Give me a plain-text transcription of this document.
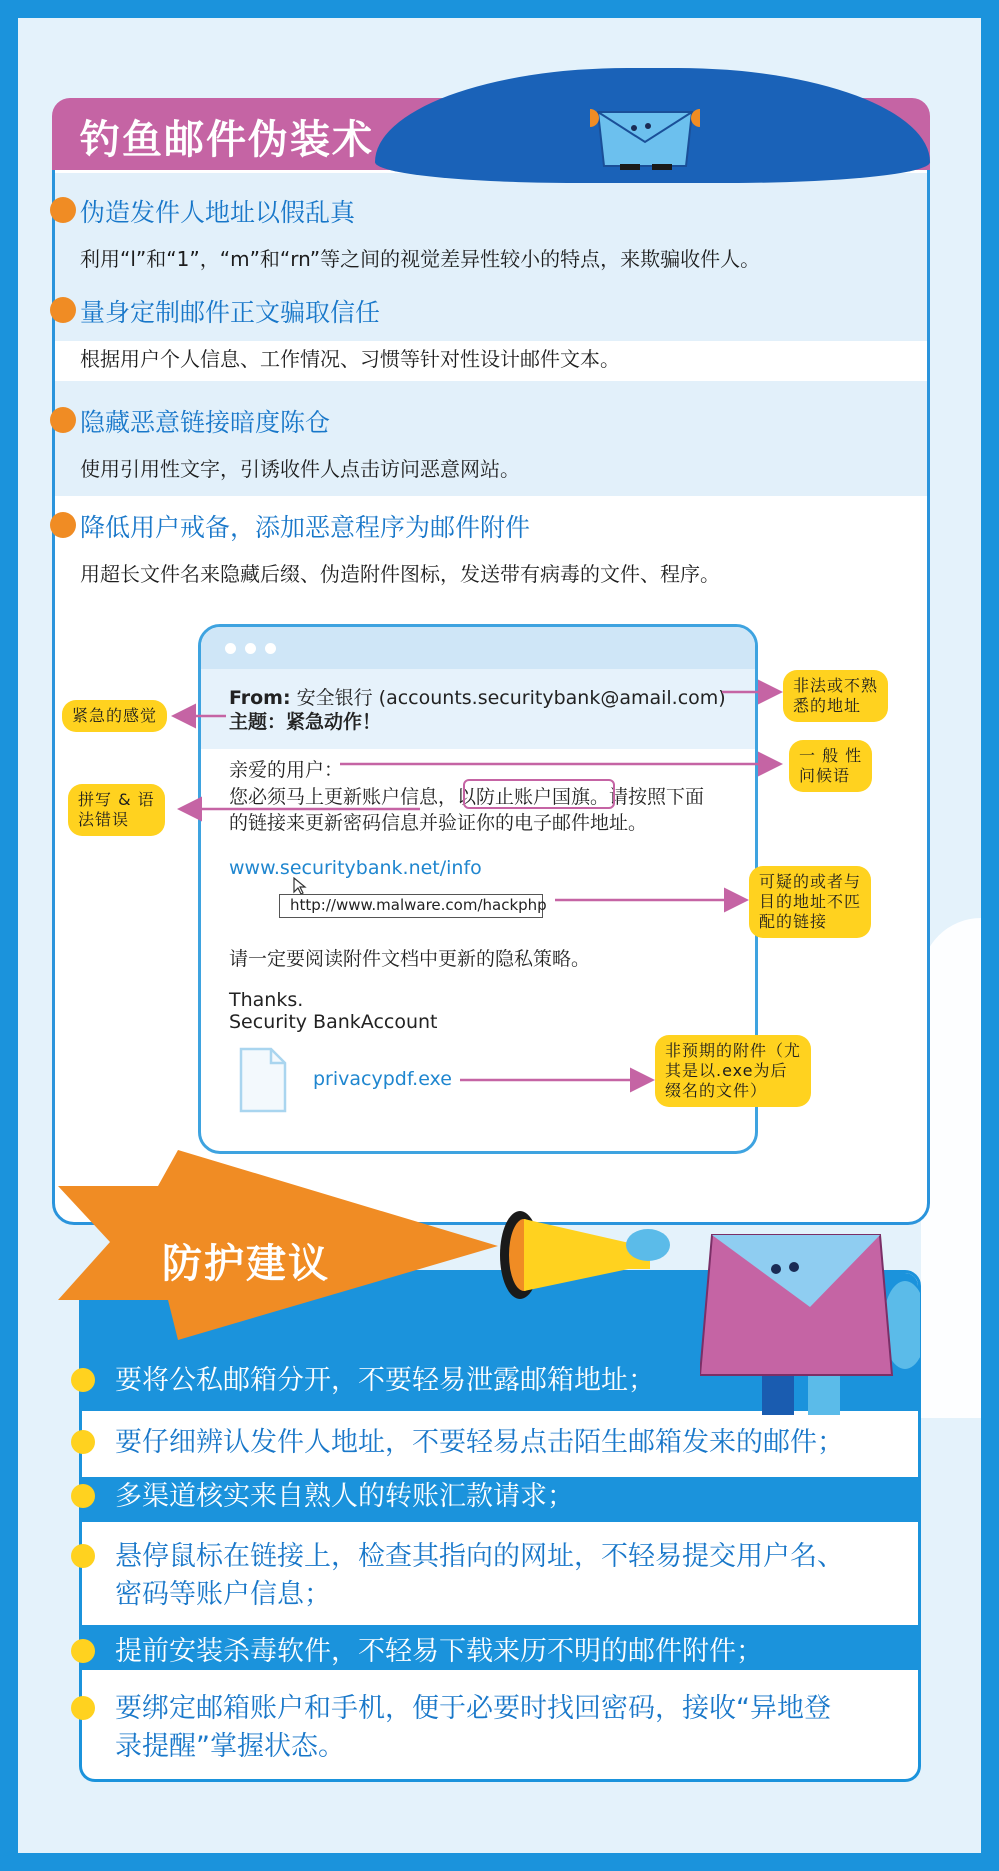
钓鱼邮件伪装术
伪造发件人地址以假乱真
利用“l”和“1”，“m”和“rn”等之间的视觉差异性较小的特点，来欺骗收件人。
量身定制邮件正文骗取信任
根据用户个人信息、工作情况、习惯等针对性设计邮件文本。
隐藏恶意链接暗度陈仓
使用引用性文字，引诱收件人点击访问恶意网站。
降低用户戒备，添加恶意程序为邮件附件
用超长文件名来隐藏后缀、伪造附件图标，发送带有病毒的文件、程序。
From: 安全银行 (accounts.securitybank@amail.com)
主题：紧急动作！
亲爱的用户：
您必须马上更新账户信息，以防止账户国旗。请按照下面
的链接来更新密码信息并验证你的电子邮件地址。
www.securitybank.net/info
http://www.malware.com/hackphp
请一定要阅读附件文档中更新的隐私策略。
Thanks.
Security BankAccount
privacypdf.exe
紧急的感觉
非法或不熟
悉的地址
一 般 性
问候语
拼写 & 语
法错误
可疑的或者与
目的地址不匹
配的链接
非预期的附件（尤
其是以.exe为后
缀名的文件）
防护建议
要将公私邮箱分开，不要轻易泄露邮箱地址；
要仔细辨认发件人地址，不要轻易点击陌生邮箱发来的邮件；
多渠道核实来自熟人的转账汇款请求；
悬停鼠标在链接上，检查其指向的网址，不轻易提交用户名、
密码等账户信息；
提前安装杀毒软件，不轻易下载来历不明的邮件附件；
要绑定邮箱账户和手机，便于必要时找回密码，接收“异地登
录提醒”掌握状态。
